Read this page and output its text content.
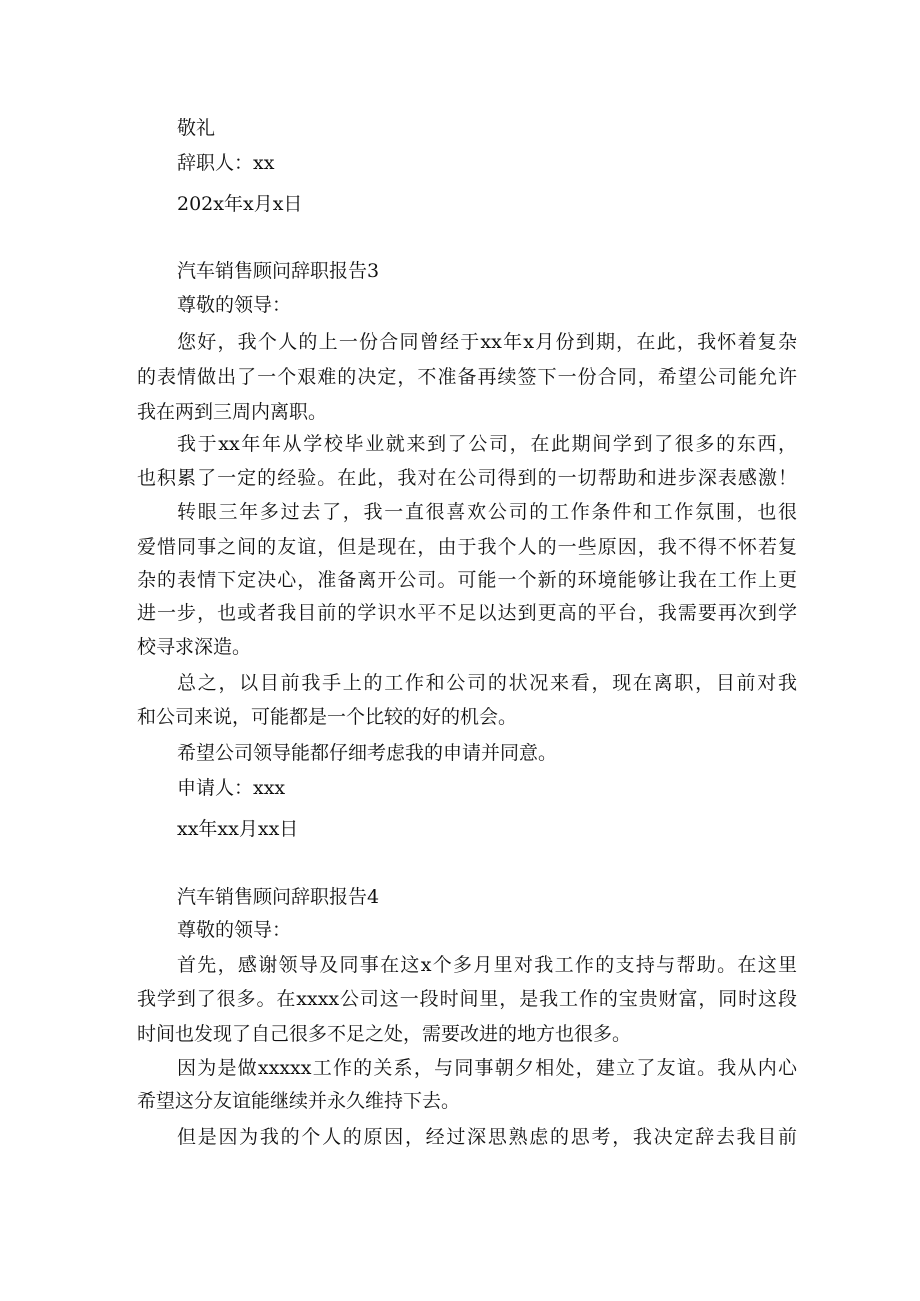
敬礼
辞职人：xx
202x年x月x日
汽车销售顾问辞职报告3
尊敬的领导：
您好，我个人的上一份合同曾经于xx年x月份到期，在此，我怀着复杂
的表情做出了一个艰难的决定，不准备再续签下一份合同，希望公司能允许
我在两到三周内离职。
我于xx年年从学校毕业就来到了公司，在此期间学到了很多的东西，
也积累了一定的经验。在此，我对在公司得到的一切帮助和进步深表感激！
转眼三年多过去了，我一直很喜欢公司的工作条件和工作氛围，也很
爱惜同事之间的友谊，但是现在，由于我个人的一些原因，我不得不怀若复
杂的表情下定决心，准备离开公司。可能一个新的环境能够让我在工作上更
进一步，也或者我目前的学识水平不足以达到更高的平台，我需要再次到学
校寻求深造。
总之，以目前我手上的工作和公司的状况来看，现在离职，目前对我
和公司来说，可能都是一个比较的好的机会。
希望公司领导能都仔细考虑我的申请并同意。
申请人：xxx
xx年xx月xx日
汽车销售顾问辞职报告4
尊敬的领导：
首先，感谢领导及同事在这x个多月里对我工作的支持与帮助。在这里
我学到了很多。在xxxx公司这一段时间里，是我工作的宝贵财富，同时这段
时间也发现了自己很多不足之处，需要改进的地方也很多。
因为是做xxxxx工作的关系，与同事朝夕相处，建立了友谊。我从内心
希望这分友谊能继续并永久维持下去。
但是因为我的个人的原因，经过深思熟虑的思考，我决定辞去我目前
